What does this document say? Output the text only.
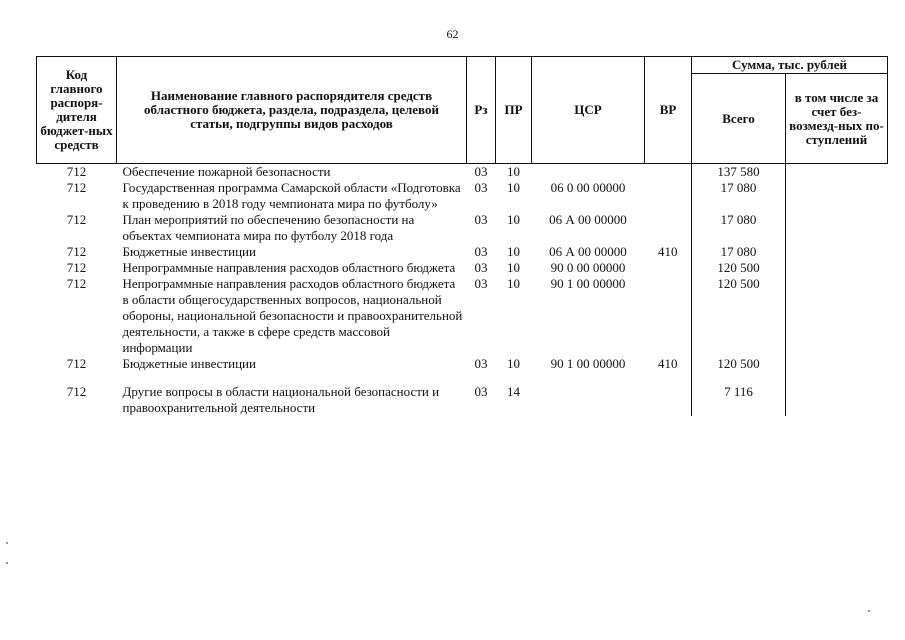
62
Код главного распоря-дителя бюджет-ных средств	Наименование главного распорядителя средств областного бюджета, раздела, подраздела, целевой статьи, подгруппы видов расходов	Рз	ПР	ЦСР	ВР	Сумма, тыс. рублей	
						Всего	в том числе за счет без-возмезд-ных по-ступлений
712	Обеспечение пожарной безопасности	03	10			137 580	
712	Государственная программа Самарской области «Подготовка к проведению в 2018 году чемпионата мира по футболу»	03	10	06 0 00 00000		17 080	
712	План мероприятий по обеспечению безопасности на объектах чемпионата мира по футболу 2018 года	03	10	06 А 00 00000		17 080	
712	Бюджетные инвестиции	03	10	06 А 00 00000	410	17 080	
712	Непрограммные направления расходов областного бюджета	03	10	90 0 00 00000		120 500	
712	Непрограммные направления расходов областного бюджета в области общегосударственных вопросов, национальной обороны, национальной безопасности и правоохранительной деятельности, а также в сфере средств массовой информации	03	10	90 1 00 00000		120 500	
712	Бюджетные инвестиции	03	10	90 1 00 00000	410	120 500	
712	Другие вопросы в области национальной безопасности и правоохранительной деятельности	03	14			7 116	
